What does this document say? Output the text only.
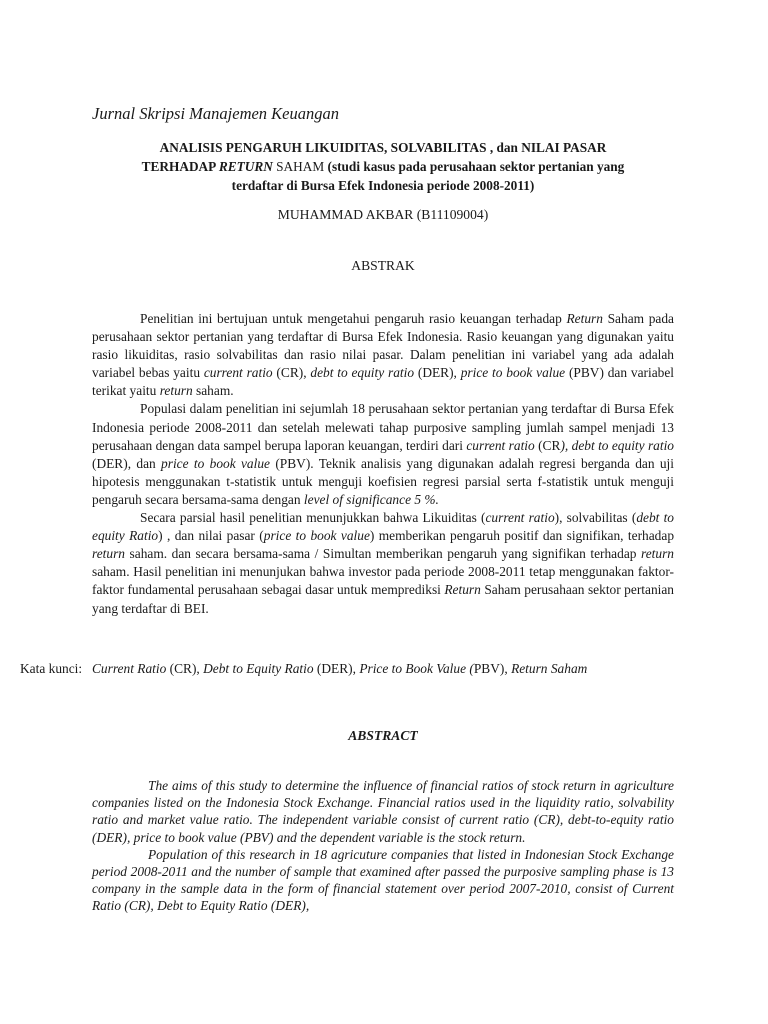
Jurnal Skripsi Manajemen Keuangan
ANALISIS PENGARUH LIKUIDITAS, SOLVABILITAS , dan NILAI PASAR
TERHADAP RETURN SAHAM (studi kasus pada perusahaan sektor pertanian yang
terdaftar di Bursa Efek Indonesia periode 2008-2011)
MUHAMMAD AKBAR (B11109004)
ABSTRAK

Penelitian ini bertujuan untuk mengetahui pengaruh rasio keuangan terhadap Return Saham pada perusahaan sektor pertanian yang terdaftar di Bursa Efek Indonesia. Rasio keuangan yang digunakan yaitu rasio likuiditas, rasio solvabilitas dan rasio nilai pasar. Dalam penelitian ini variabel yang ada adalah variabel bebas yaitu current ratio (CR), debt to equity ratio (DER), price to book value (PBV) dan variabel terikat yaitu return saham.

Populasi dalam penelitian ini sejumlah 18 perusahaan sektor pertanian yang terdaftar di Bursa Efek Indonesia periode 2008-2011 dan setelah melewati tahap purposive sampling jumlah sampel menjadi 13 perusahaan dengan data sampel berupa laporan keuangan, terdiri dari current ratio (CR), debt to equity ratio (DER), dan price to book value (PBV). Teknik analisis yang digunakan adalah regresi berganda dan uji hipotesis menggunakan t-statistik untuk menguji koefisien regresi parsial serta f-statistik untuk menguji pengaruh secara bersama-sama dengan level of significance 5 %.

Secara parsial hasil penelitian menunjukkan bahwa Likuiditas (current ratio), solvabilitas (debt to equity Ratio) , dan nilai pasar (price to book value) memberikan pengaruh positif dan signifikan, terhadap return saham. dan secara bersama-sama / Simultan memberikan pengaruh yang signifikan terhadap return saham. Hasil penelitian ini menunjukan bahwa investor pada periode 2008-2011 tetap menggunakan faktor-faktor fundamental perusahaan sebagai dasar untuk memprediksi Return Saham perusahaan sektor pertanian yang terdaftar di BEI.

Kata kunci: Current Ratio (CR), Debt to Equity Ratio (DER), Price to Book Value (PBV), Return Saham
ABSTRACT

The aims of this study to determine the influence of financial ratios of stock return in agriculture companies listed on the Indonesia Stock Exchange. Financial ratios used in the liquidity ratio, solvability ratio and market value ratio. The independent variable consist of current ratio (CR), debt-to-equity ratio (DER), price to book value (PBV) and the dependent variable is the stock return.

Population of this research in 18 agricuture companies that listed in Indonesian Stock Exchange period 2008-2011 and the number of sample that examined after passed the purposive sampling phase is 13 company in the sample data in the form of financial statement over period 2007-2010, consist of Current Ratio (CR), Debt to Equity Ratio (DER),
